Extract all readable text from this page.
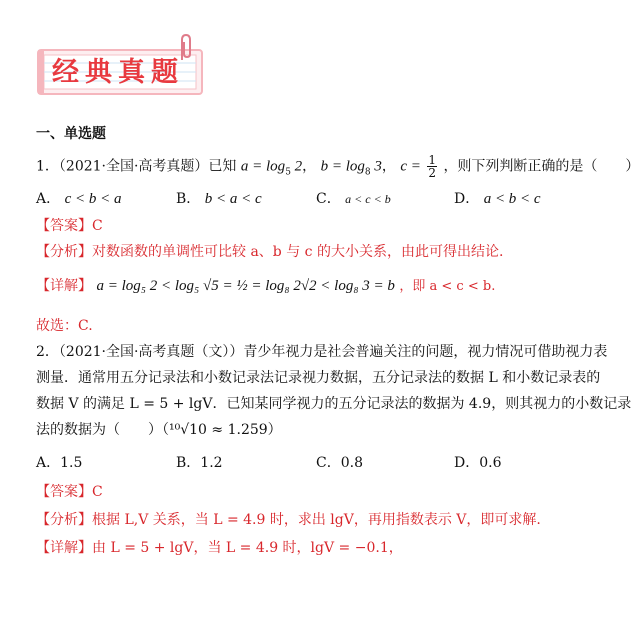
经典真题
一、单选题
1．（2021·全国·高考真题）已知 $a = \log_5 2$， $b = \log_8 3$， $c = \frac{1}{2}$ ，则下列判断正确的是（　　）
A． c < b < a	B． b < a < c	C． a < c < b	D． a < b < c
【答案】C
【分析】对数函数的单调性可比较 a、b 与 c 的大小关系，由此可得出结论.
【详解】 a = log₅ 2 < log₅ √5 = ½ = log₈ 2√2 < log₈ 3 = b ，即 a < c < b.
故选：C.
2．（2021·全国·高考真题（文））青少年视力是社会普遍关注的问题，视力情况可借助视力表
测量．通常用五分记录法和小数记录法记录视力数据，五分记录法的数据 L 和小数记录表的
数据 V 的满足 L = 5 + lgV．已知某同学视力的五分记录法的数据为 4.9，则其视力的小数记录
法的数据为（　　）（¹⁰√10 ≈ 1.259）
A．1.5	B．1.2	C．0.8	D．0.6
【答案】C
【分析】根据 L,V 关系，当 L = 4.9 时，求出 lgV，再用指数表示 V，即可求解.
【详解】由 L = 5 + lgV，当 L = 4.9 时，lgV = −0.1，
